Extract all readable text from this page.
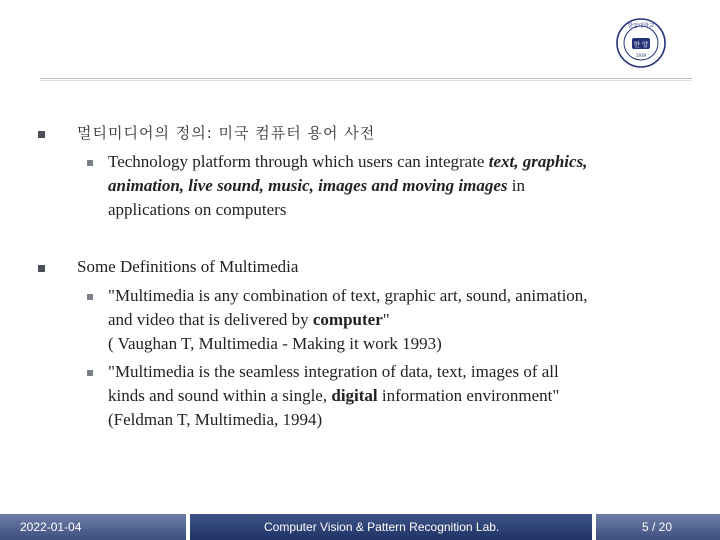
한양대학교
한 양
1939
멀티미디어의 정의: 미국 컴퓨터 용어 사전
Technology platform through which users can integrate text, graphics,
animation, live sound, music, images and moving images in
applications on computers
Some Definitions of Multimedia
"Multimedia is any combination of text, graphic art, sound, animation,
and video that is delivered by computer"
( Vaughan T, Multimedia - Making it work 1993)
"Multimedia is the seamless integration of data, text, images of all
kinds and sound within a single, digital information environment"
(Feldman T, Multimedia, 1994)
2022-01-04	Computer Vision & Pattern Recognition Lab.	5 / 20
